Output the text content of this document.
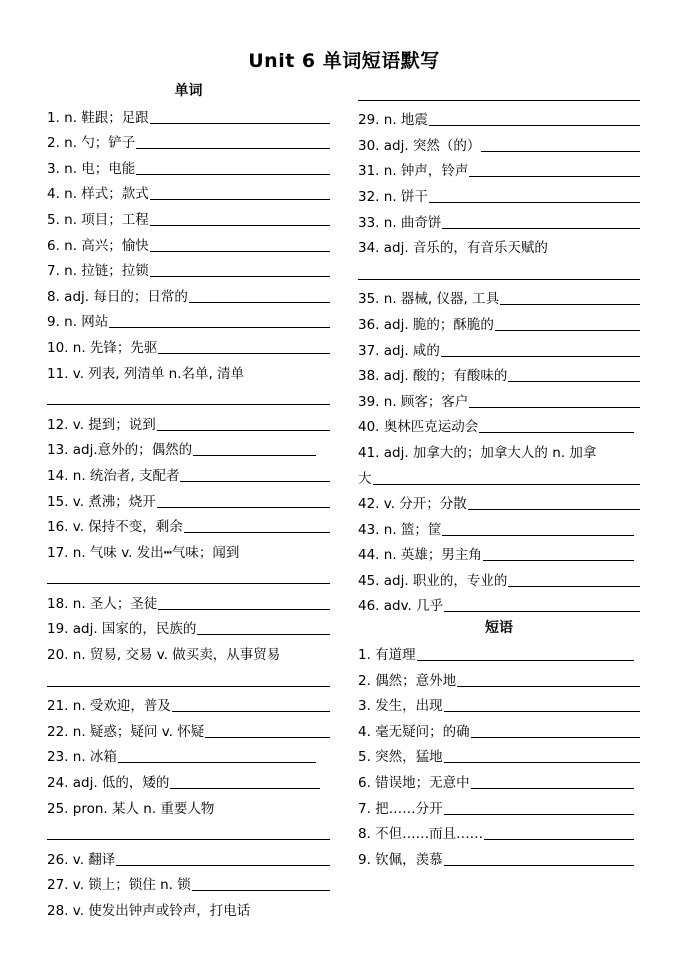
Unit 6 单词短语默写
单词
1. n. 鞋跟；足跟
2. n. 勺；铲子
3. n. 电；电能
4. n. 样式；款式
5. n. 项目；工程
6. n. 高兴；愉快
7. n. 拉链；拉锁
8. adj. 每日的；日常的
9. n. 网站
10. n. 先锋；先驱
11. v. 列表, 列清单 n.名单, 清单
12. v. 提到；说到
13. adj.意外的；偶然的
14. n. 统治者, 支配者
15. v. 煮沸；烧开
16. v. 保持不变，剩余
17. n. 气味 v. 发出┅气味；闻到
18. n. 圣人；圣徒
19. adj. 国家的，民族的
20. n. 贸易, 交易 v. 做买卖，从事贸易
21. n. 受欢迎，普及
22. n. 疑惑；疑问 v. 怀疑
23. n. 冰箱
24. adj. 低的，矮的
25. pron. 某人 n. 重要人物
26. v. 翻译
27. v. 锁上；锁住 n. 锁
28. v. 使发出钟声或铃声，打电话
29. n. 地震
30. adj. 突然（的）
31. n. 钟声，铃声
32. n. 饼干
33. n. 曲奇饼
34. adj. 音乐的，有音乐天赋的
35. n. 器械, 仪器, 工具
36. adj. 脆的；酥脆的
37. adj. 咸的
38. adj. 酸的；有酸味的
39. n. 顾客；客户
40. 奥林匹克运动会
41. adj. 加拿大的；加拿大人的 n. 加拿
大
42. v. 分开；分散
43. n. 篮；筐
44. n. 英雄；男主角
45. adj. 职业的，专业的
46. adv. 几乎
短语
1. 有道理
2. 偶然；意外地
3. 发生，出现
4. 毫无疑问；的确
5. 突然，猛地
6. 错误地；无意中
7. 把……分开
8. 不但……而且……
9. 钦佩，羡慕
